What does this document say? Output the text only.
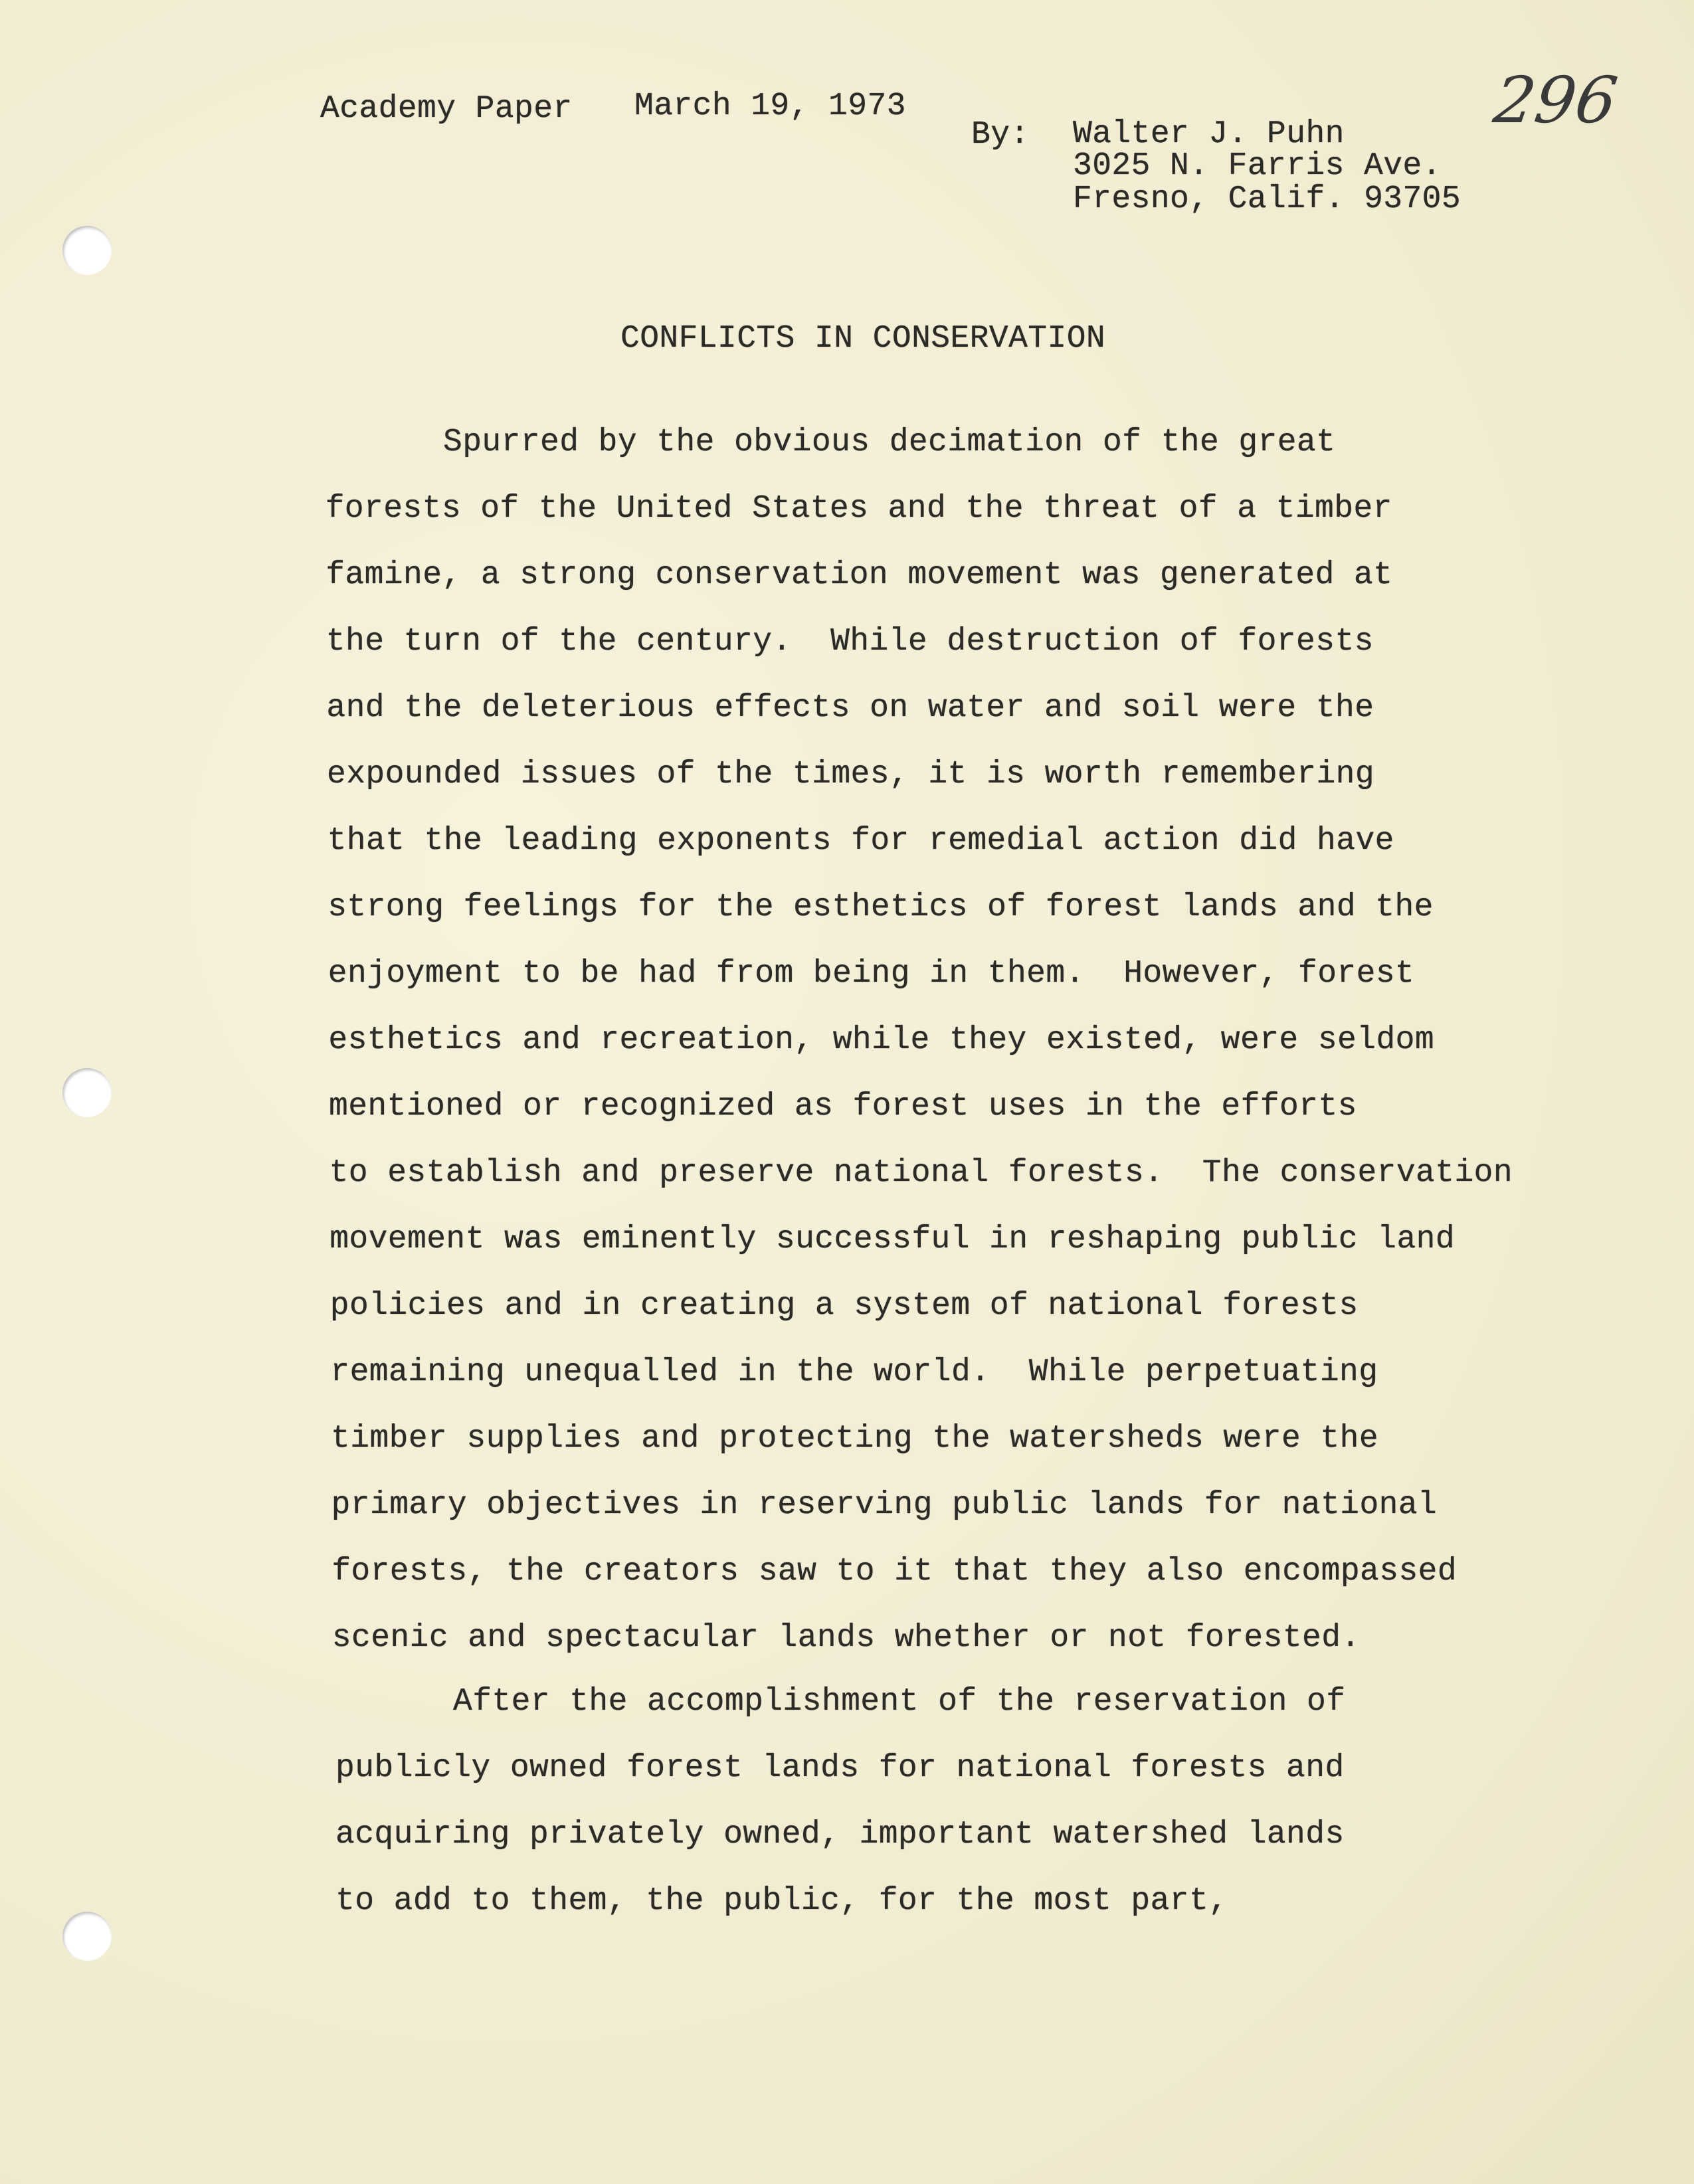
Academy Paper March 19, 1973
By: Walter J. Puhn
3025 N. Farris Ave.
Fresno, Calif. 93705
296
CONFLICTS IN CONSERVATION
Spurred by the obvious decimation of the great
forests of the United States and the threat of a timber
famine, a strong conservation movement was generated at
the turn of the century.  While destruction of forests
and the deleterious effects on water and soil were the
expounded issues of the times, it is worth remembering
that the leading exponents for remedial action did have
strong feelings for the esthetics of forest lands and the
enjoyment to be had from being in them.  However, forest
esthetics and recreation, while they existed, were seldom
mentioned or recognized as forest uses in the efforts
to establish and preserve national forests.  The conservation
movement was eminently successful in reshaping public land
policies and in creating a system of national forests
remaining unequalled in the world.  While perpetuating
timber supplies and protecting the watersheds were the
primary objectives in reserving public lands for national
forests, the creators saw to it that they also encompassed
scenic and spectacular lands whether or not forested.
After the accomplishment of the reservation of
publicly owned forest lands for national forests and
acquiring privately owned, important watershed lands
to add to them, the public, for the most part,
